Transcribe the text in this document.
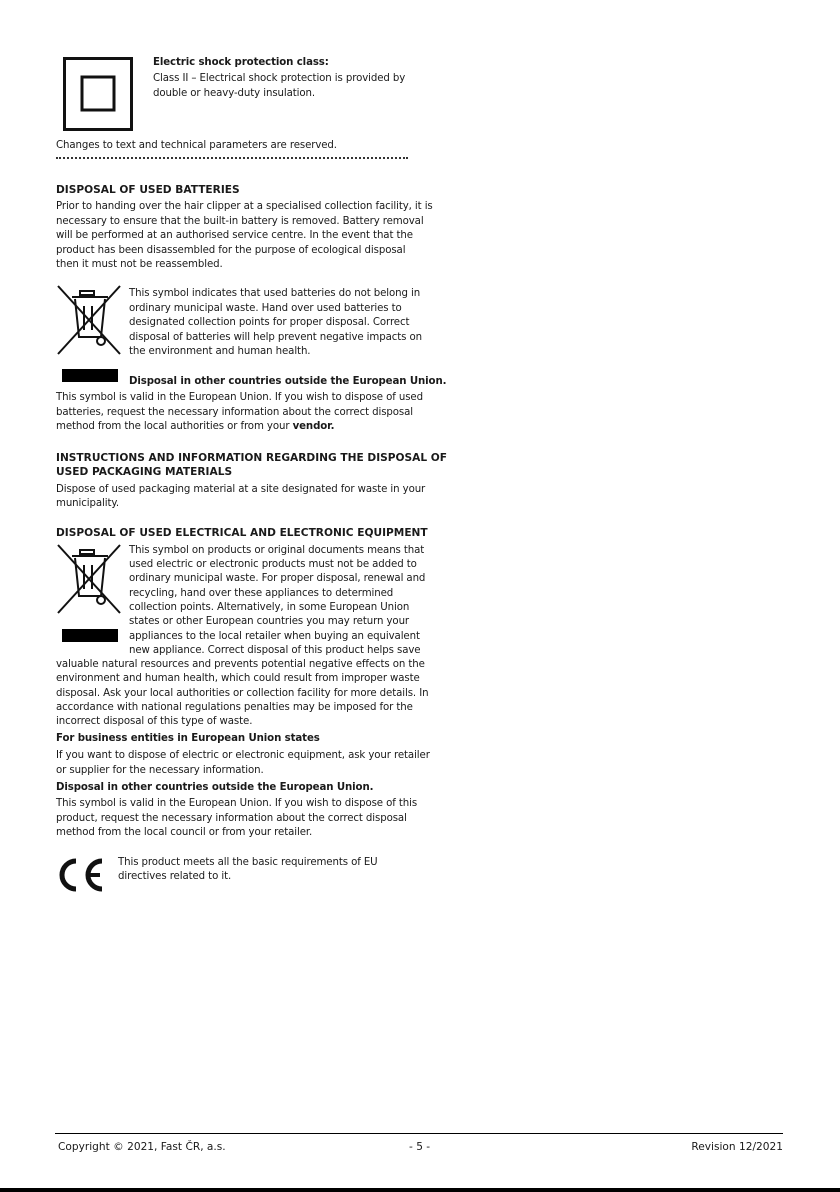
Electric shock protection class:
Class II – Electrical shock protection is provided by
double or heavy-duty insulation.
Changes to text and technical parameters are reserved.
DISPOSAL OF USED BATTERIES
Prior to handing over the hair clipper at a specialised collection facility, it is
necessary to ensure that the built-in battery is removed. Battery removal
will be performed at an authorised service centre. In the event that the
product has been disassembled for the purpose of ecological disposal
then it must not be reassembled.
This symbol indicates that used batteries do not belong in
ordinary municipal waste. Hand over used batteries to
designated collection points for proper disposal. Correct
disposal of batteries will help prevent negative impacts on
the environment and human health.
Disposal in other countries outside the European Union.
This symbol is valid in the European Union. If you wish to dispose of used
batteries, request the necessary information about the correct disposal
method from the local authorities or from your vendor.
INSTRUCTIONS AND INFORMATION REGARDING THE DISPOSAL OF
USED PACKAGING MATERIALS
Dispose of used packaging material at a site designated for waste in your
municipality.
DISPOSAL OF USED ELECTRICAL AND ELECTRONIC EQUIPMENT
This symbol on products or original documents means that
used electric or electronic products must not be added to
ordinary municipal waste. For proper disposal, renewal and
recycling, hand over these appliances to determined
collection points. Alternatively, in some European Union
states or other European countries you may return your
appliances to the local retailer when buying an equivalent
new appliance. Correct disposal of this product helps save
valuable natural resources and prevents potential negative effects on the
environment and human health, which could result from improper waste
disposal. Ask your local authorities or collection facility for more details. In
accordance with national regulations penalties may be imposed for the
incorrect disposal of this type of waste.
For business entities in European Union states
If you want to dispose of electric or electronic equipment, ask your retailer
or supplier for the necessary information.
Disposal in other countries outside the European Union.
This symbol is valid in the European Union. If you wish to dispose of this
product, request the necessary information about the correct disposal
method from the local council or from your retailer.
This product meets all the basic requirements of EU
directives related to it.
Copyright © 2021, Fast ČR, a.s.	- 5 -	Revision 12/2021
